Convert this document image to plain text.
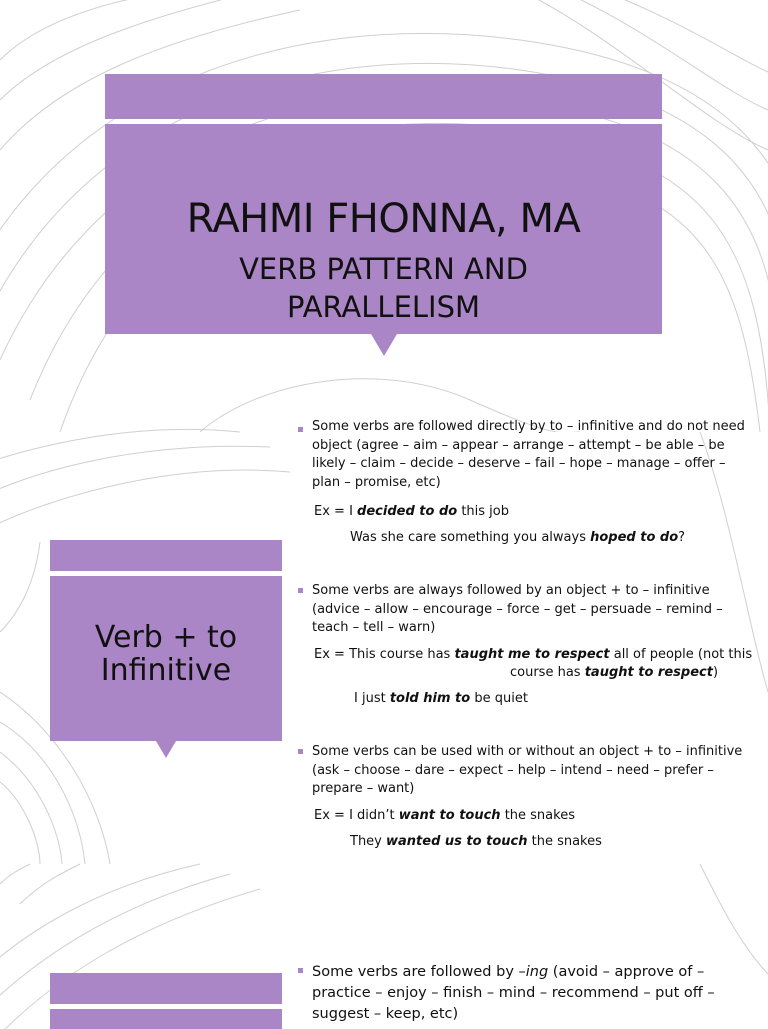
RAHMI FHONNA, MA
VERB PATTERN AND
PARALLELISM
Verb + to
Infinitive
Some verbs are followed directly by to – infinitive and do not need object (agree – aim – appear – arrange – attempt – be able – be likely – claim – decide – deserve – fail – hope – manage – offer – plan – promise, etc)
Ex = I decided to do this job
Was she care something you always hoped to do?
Some verbs are always followed by an object + to – infinitive (advice – allow – encourage – force – get – persuade – remind – teach – tell – warn)
Ex = This course has taught me to respect all of people (not this
course has taught to respect)
I just told him to be quiet
Some verbs can be used with or without an object + to – infinitive (ask – choose – dare – expect – help – intend – need – prefer – prepare – want)
Ex = I didn’t want to touch the snakes
They wanted us to touch the snakes
Some verbs are followed by –ing (avoid – approve of – practice – enjoy – finish – mind – recommend – put off – suggest – keep, etc)
